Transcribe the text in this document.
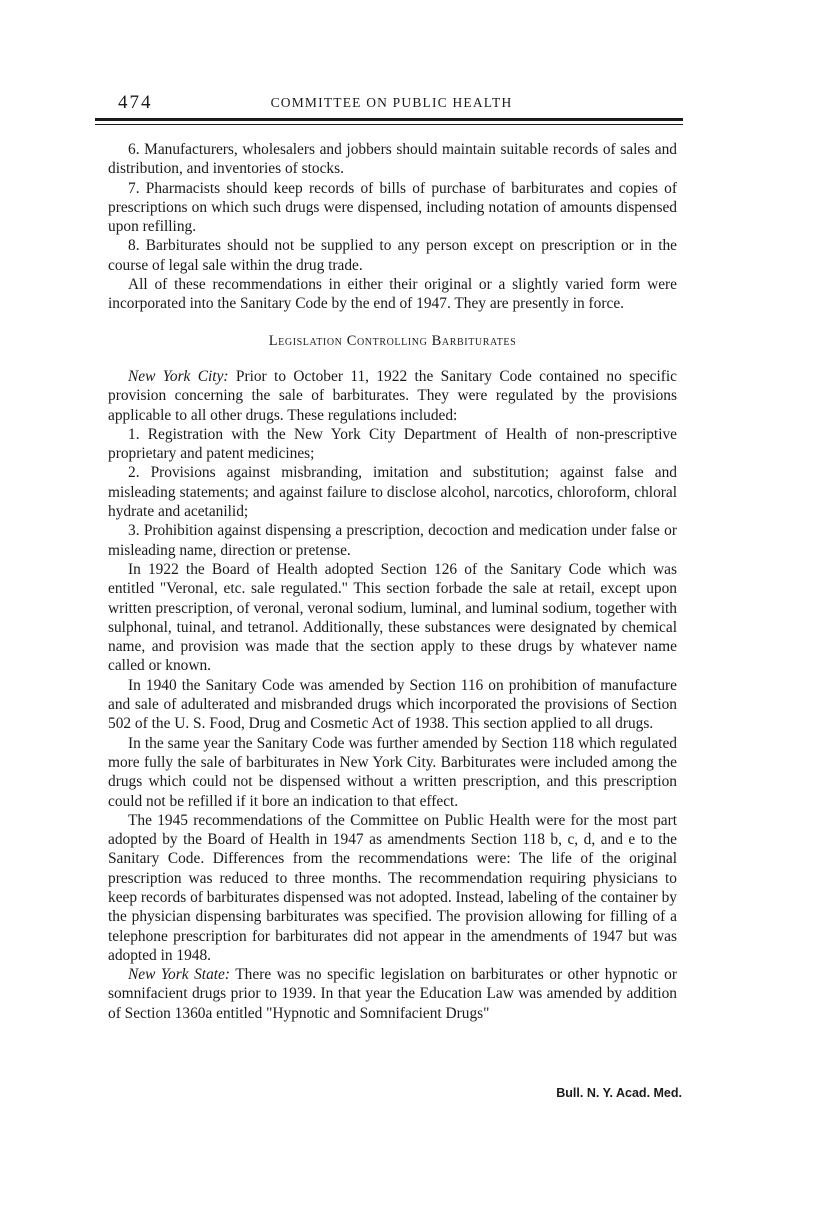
474	COMMITTEE ON PUBLIC HEALTH

6. Manufacturers, wholesalers and jobbers should maintain suitable records of sales and distribution, and inventories of stocks.

7. Pharmacists should keep records of bills of purchase of barbiturates and copies of prescriptions on which such drugs were dispensed, including notation of amounts dispensed upon refilling.

8. Barbiturates should not be supplied to any person except on prescription or in the course of legal sale within the drug trade.

All of these recommendations in either their original or a slightly varied form were incorporated into the Sanitary Code by the end of 1947. They are presently in force.

Legislation Controlling Barbiturates

New York City: Prior to October 11, 1922 the Sanitary Code contained no specific provision concerning the sale of barbiturates. They were regulated by the provisions applicable to all other drugs. These regulations included:

1. Registration with the New York City Department of Health of non-prescriptive proprietary and patent medicines;

2. Provisions against misbranding, imitation and substitution; against false and misleading statements; and against failure to disclose alcohol, narcotics, chloroform, chloral hydrate and acetanilid;

3. Prohibition against dispensing a prescription, decoction and medication under false or misleading name, direction or pretense.

In 1922 the Board of Health adopted Section 126 of the Sanitary Code which was entitled "Veronal, etc. sale regulated." This section forbade the sale at retail, except upon written prescription, of veronal, veronal sodium, luminal, and luminal sodium, together with sulphonal, tuinal, and tetranol. Additionally, these substances were designated by chemical name, and provision was made that the section apply to these drugs by whatever name called or known.

In 1940 the Sanitary Code was amended by Section 116 on prohibition of manufacture and sale of adulterated and misbranded drugs which incorporated the provisions of Section 502 of the U. S. Food, Drug and Cosmetic Act of 1938. This section applied to all drugs.

In the same year the Sanitary Code was further amended by Section 118 which regulated more fully the sale of barbiturates in New York City. Barbiturates were included among the drugs which could not be dispensed without a written prescription, and this prescription could not be refilled if it bore an indication to that effect.

The 1945 recommendations of the Committee on Public Health were for the most part adopted by the Board of Health in 1947 as amendments Section 118 b, c, d, and e to the Sanitary Code. Differences from the recommendations were: The life of the original prescription was reduced to three months. The recommendation requiring physicians to keep records of barbiturates dispensed was not adopted. Instead, labeling of the container by the physician dispensing barbiturates was specified. The provision allowing for filling of a telephone prescription for barbiturates did not appear in the amendments of 1947 but was adopted in 1948.

New York State: There was no specific legislation on barbiturates or other hypnotic or somnifacient drugs prior to 1939. In that year the Education Law was amended by addition of Section 1360a entitled "Hypnotic and Somnifacient Drugs"

Bull. N. Y. Acad. Med.
